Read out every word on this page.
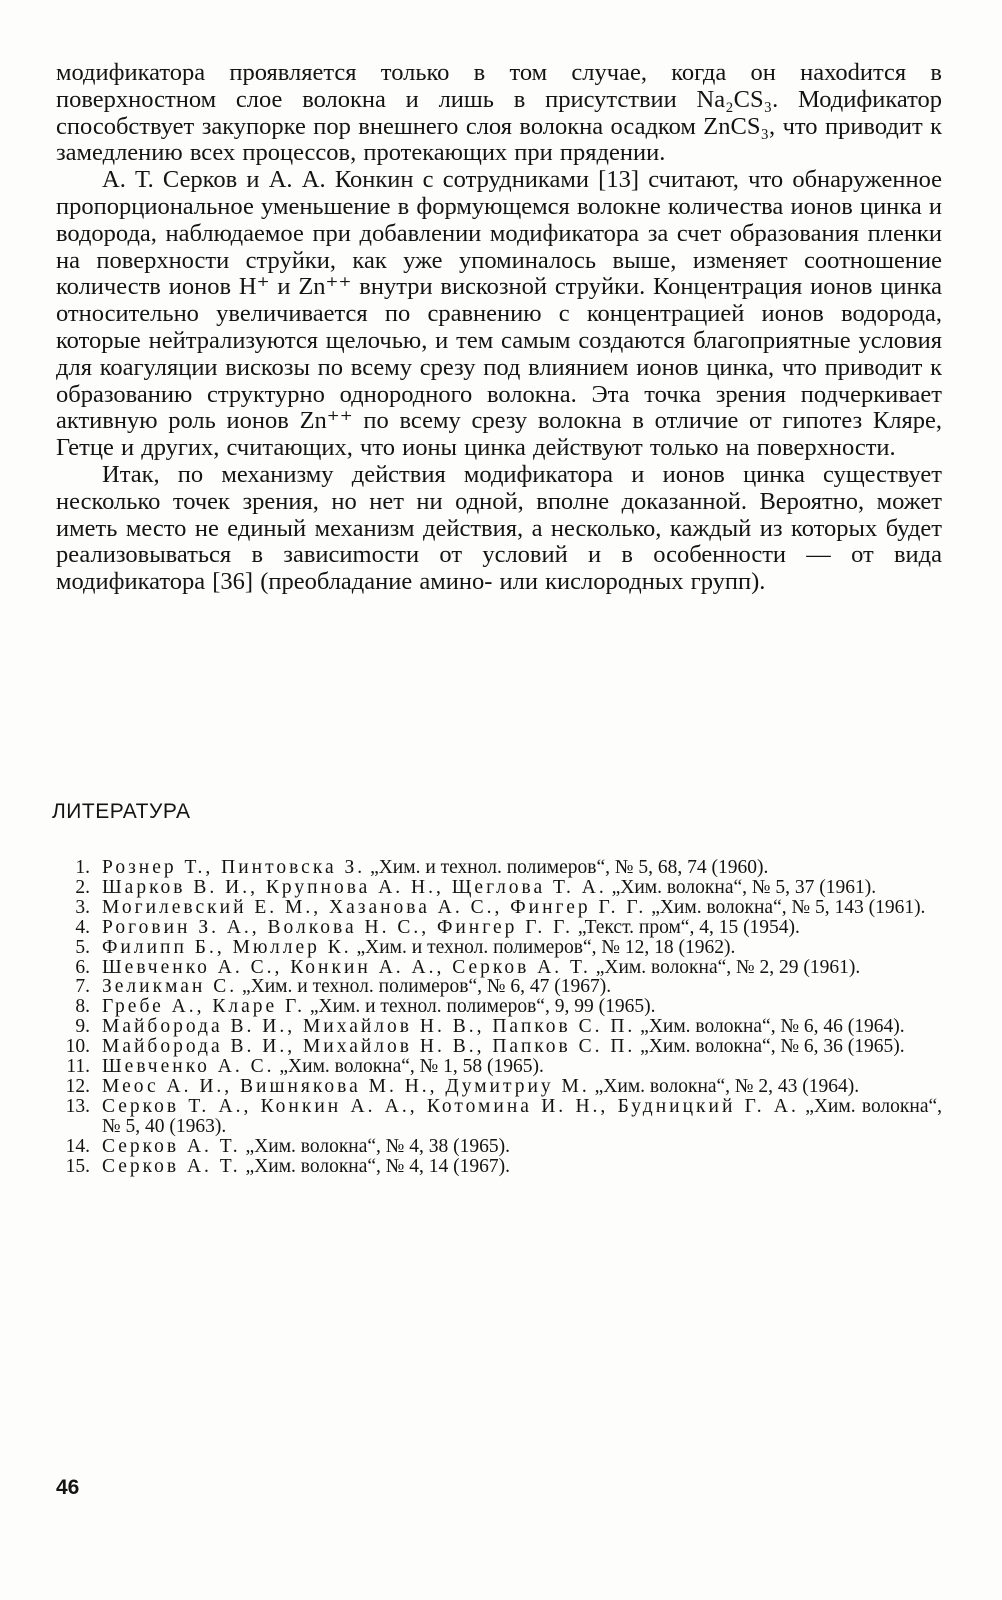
модификатора проявляется только в том случае, когда он нахоdится в поверхностном слое волокна и лишь в присутствии Na₂CS₃. Модификатор способствует закупорке пор внешнего слоя волокна осадком ZnCS₃, что приводит к замедлению всех процессов, протекающих при прядении.

А. Т. Серков и А. А. Конкин с сотрудниками [13] считают, что обнаруженное пропорциональное уменьшение в формующемся волокне количества ионов цинка и водорода, наблюдаемое при добавлении модификатора за счет образования пленки на поверхности струйки, как уже упоминалось выше, изменяет соотношение количеств ионов H⁺ и Zn⁺⁺ внутри вискозной струйки. Концентрация ионов цинка относительно увеличивается по сравнению с концентрацией ионов водорода, которые нейтрализуются щелочью, и тем самым создаются благоприятные условия для коагуляции вискозы по всему срезу под влиянием ионов цинка, что приводит к образованию структурно однородного волокна. Эта точка зрения подчеркивает активную роль ионов Zn⁺⁺ по всему срезу волокна в отличие от гипотез Кляре, Гетце и других, считающих, что ионы цинка действуют только на поверхности.

Итак, по механизму действия модификатора и ионов цинка существует несколько точек зрения, но нет ни одной, вполне доказанной. Вероятно, может иметь место не единый механизм действия, а несколько, каждый из которых будет реализовываться в зависиmости от условий и в особенности — от вида модификатора [36] (преобладание амино- или кислородных групп).

ЛИТЕРАТУРА
1. Рознер Т., Пинтовска З. „Хим. и технол. полимеров“, № 5, 68, 74 (1960).
2. Шарков В. И., Крупнова А. Н., Щеглова Т. А. „Хим. волокна“, № 5, 37 (1961).
3. Могилевский Е. М., Хазанова А. С., Фингер Г. Г. „Хим. волокна“, № 5, 143 (1961).
4. Роговин З. А., Волкова Н. С., Фингер Г. Г. „Текст. пром“, 4, 15 (1954).
5. Филипп Б., Мюллер К. „Хим. и технол. полимеров“, № 12, 18 (1962).
6. Шевченко А. С., Конкин А. А., Серков А. Т. „Хим. волокна“, № 2, 29 (1961).
7. Зеликман С. „Хим. и технол. полимеров“, № 6, 47 (1967).
8. Гребе А., Кларе Г. „Хим. и технол. полимеров“, 9, 99 (1965).
9. Майборода В. И., Михайлов Н. В., Папков С. П. „Хим. волокна“, № 6, 46 (1964).
10. Майборода В. И., Михайлов Н. В., Папков С. П. „Хим. волокна“, № 6, 36 (1965).
11. Шевченко А. С. „Хим. волокна“, № 1, 58 (1965).
12. Меос А. И., Вишнякова М. Н., Думитриу М. „Хим. волокна“, № 2, 43 (1964).
13. Серков Т. А., Конкин А. А., Котомина И. Н., Будницкий Г. А. „Хим. волокна“, № 5, 40 (1963).
14. Серков А. Т. „Хим. волокна“, № 4, 38 (1965).
15. Серков А. Т. „Хим. волокна“, № 4, 14 (1967).
46
